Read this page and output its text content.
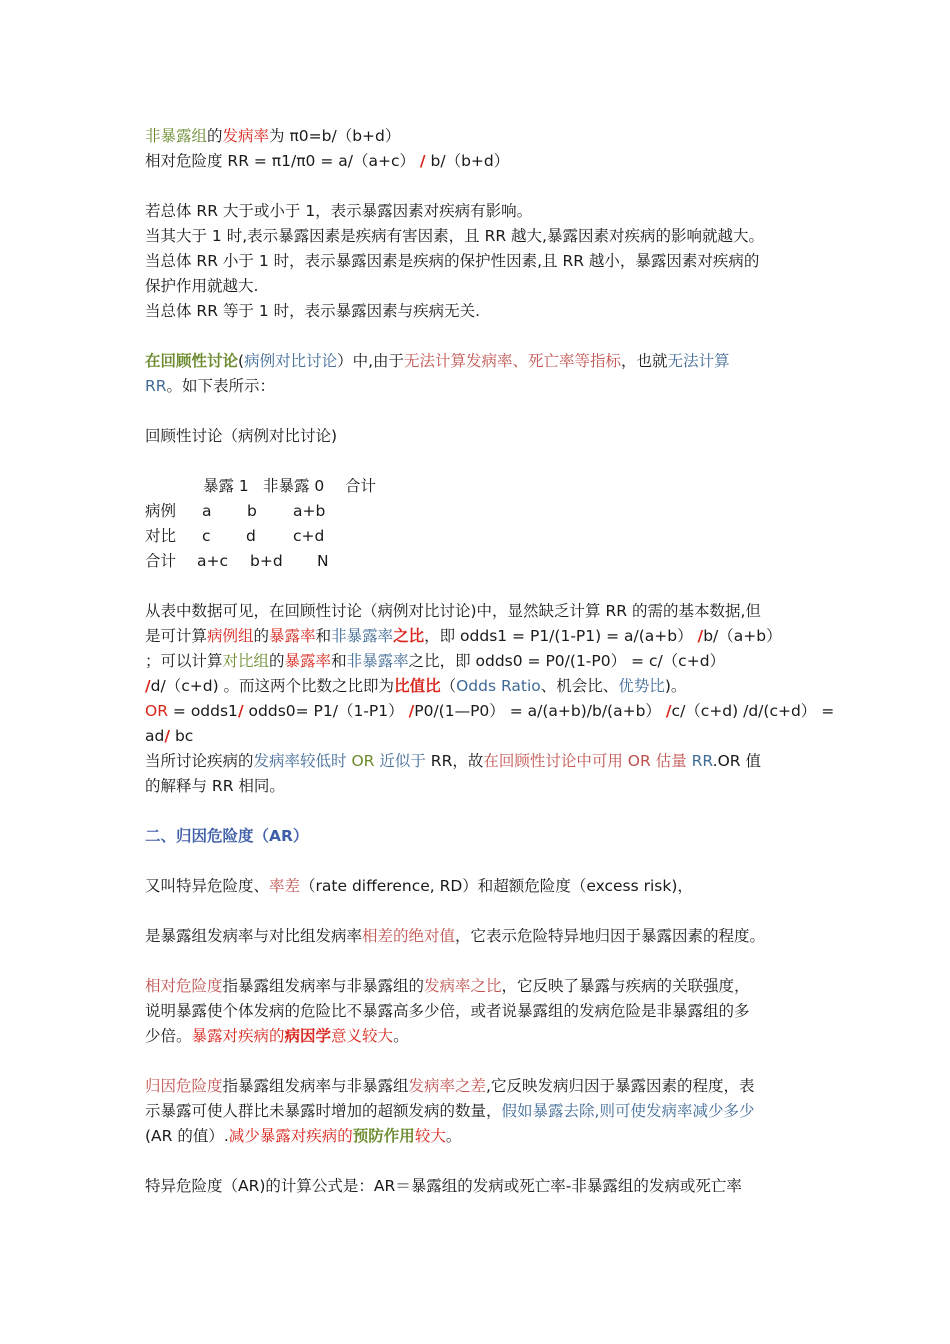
非暴露组的发病率为 π0=b/（b+d）
相对危险度 RR = π1/π0 = a/（a+c） / b/（b+d）
若总体 RR 大于或小于 1，表示暴露因素对疾病有影响。
当其大于 1 时,表示暴露因素是疾病有害因素，且 RR 越大,暴露因素对疾病的影响就越大。
当总体 RR 小于 1 时，表示暴露因素是疾病的保护性因素,且 RR 越小，暴露因素对疾病的
保护作用就越大.
当总体 RR 等于 1 时，表示暴露因素与疾病无关.
在回顾性讨论(病例对比讨论）中,由于无法计算发病率、死亡率等指标，也就无法计算
RR。如下表所示：
回顾性讨论（病例对比讨论)
暴露 1 非暴露 0 合计
病例 a b a+b
对比 c d c+d
合计 a+c b+d N
从表中数据可见，在回顾性讨论（病例对比讨论)中，显然缺乏计算 RR 的需的基本数据,但
是可计算病例组的暴露率和非暴露率之比，即 odds1 = P1/(1-P1) = a/(a+b） /b/（a+b）
；可以计算对比组的暴露率和非暴露率之比，即 odds0 = P0/(1-P0） = c/（c+d）
/d/（c+d) 。而这两个比数之比即为比值比（Odds Ratio、机会比、优势比)。
OR = odds1/ odds0= P1/（1-P1） /P0/(1—P0） = a/(a+b)/b/(a+b） /c/（c+d) /d/(c+d） =
ad/ bc
当所讨论疾病的发病率较低时 OR 近似于 RR，故在回顾性讨论中可用 OR 估量 RR.OR 值
的解释与 RR 相同。
二、归因危险度（AR）
又叫特异危险度、率差（rate difference, RD）和超额危险度（excess risk)，
是暴露组发病率与对比组发病率相差的绝对值，它表示危险特异地归因于暴露因素的程度。
相对危险度指暴露组发病率与非暴露组的发病率之比，它反映了暴露与疾病的关联强度，
说明暴露使个体发病的危险比不暴露高多少倍，或者说暴露组的发病危险是非暴露组的多
少倍。暴露对疾病的病因学意义较大。
归因危险度指暴露组发病率与非暴露组发病率之差,它反映发病归因于暴露因素的程度，表
示暴露可使人群比未暴露时增加的超额发病的数量，假如暴露去除,则可使发病率减少多少
(AR 的值）.减少暴露对疾病的预防作用较大。
特异危险度（AR)的计算公式是：AR＝暴露组的发病或死亡率-非暴露组的发病或死亡率
